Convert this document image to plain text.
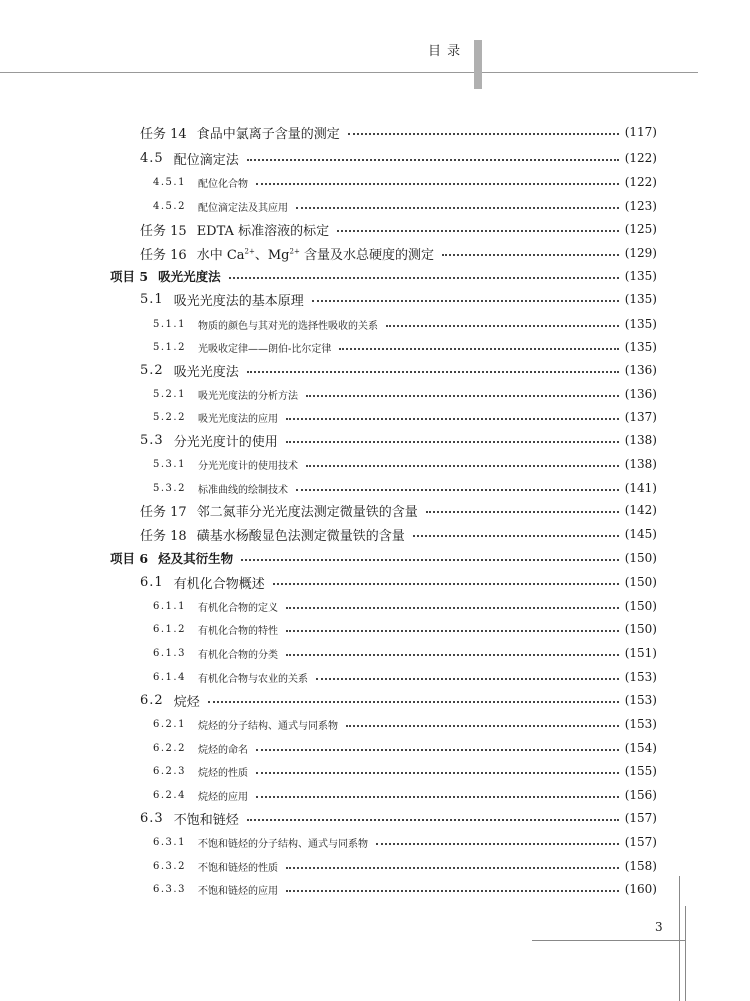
目 录
任务 14 食品中氯离子含量的测定	(117)
4.5 配位滴定法	(122)
4.5.1 配位化合物	(122)
4.5.2 配位滴定法及其应用	(123)
任务 15 EDTA 标准溶液的标定	(125)
任务 16 水中 $Ca^{2+}$、$Mg^{2+}$ 含量及水总硬度的测定	(129)
项目 5 吸光光度法	(135)
5.1 吸光光度法的基本原理	(135)
5.1.1 物质的颜色与其对光的选择性吸收的关系	(135)
5.1.2 光吸收定律——朗伯-比尔定律	(135)
5.2 吸光光度法	(136)
5.2.1 吸光光度法的分析方法	(136)
5.2.2 吸光光度法的应用	(137)
5.3 分光光度计的使用	(138)
5.3.1 分光光度计的使用技术	(138)
5.3.2 标准曲线的绘制技术	(141)
任务 17 邻二氮菲分光光度法测定微量铁的含量	(142)
任务 18 磺基水杨酸显色法测定微量铁的含量	(145)
项目 6 烃及其衍生物	(150)
6.1 有机化合物概述	(150)
6.1.1 有机化合物的定义	(150)
6.1.2 有机化合物的特性	(150)
6.1.3 有机化合物的分类	(151)
6.1.4 有机化合物与农业的关系	(153)
6.2 烷烃	(153)
6.2.1 烷烃的分子结构、通式与同系物	(153)
6.2.2 烷烃的命名	(154)
6.2.3 烷烃的性质	(155)
6.2.4 烷烃的应用	(156)
6.3 不饱和链烃	(157)
6.3.1 不饱和链烃的分子结构、通式与同系物	(157)
6.3.2 不饱和链烃的性质	(158)
6.3.3 不饱和链烃的应用	(160)
3
